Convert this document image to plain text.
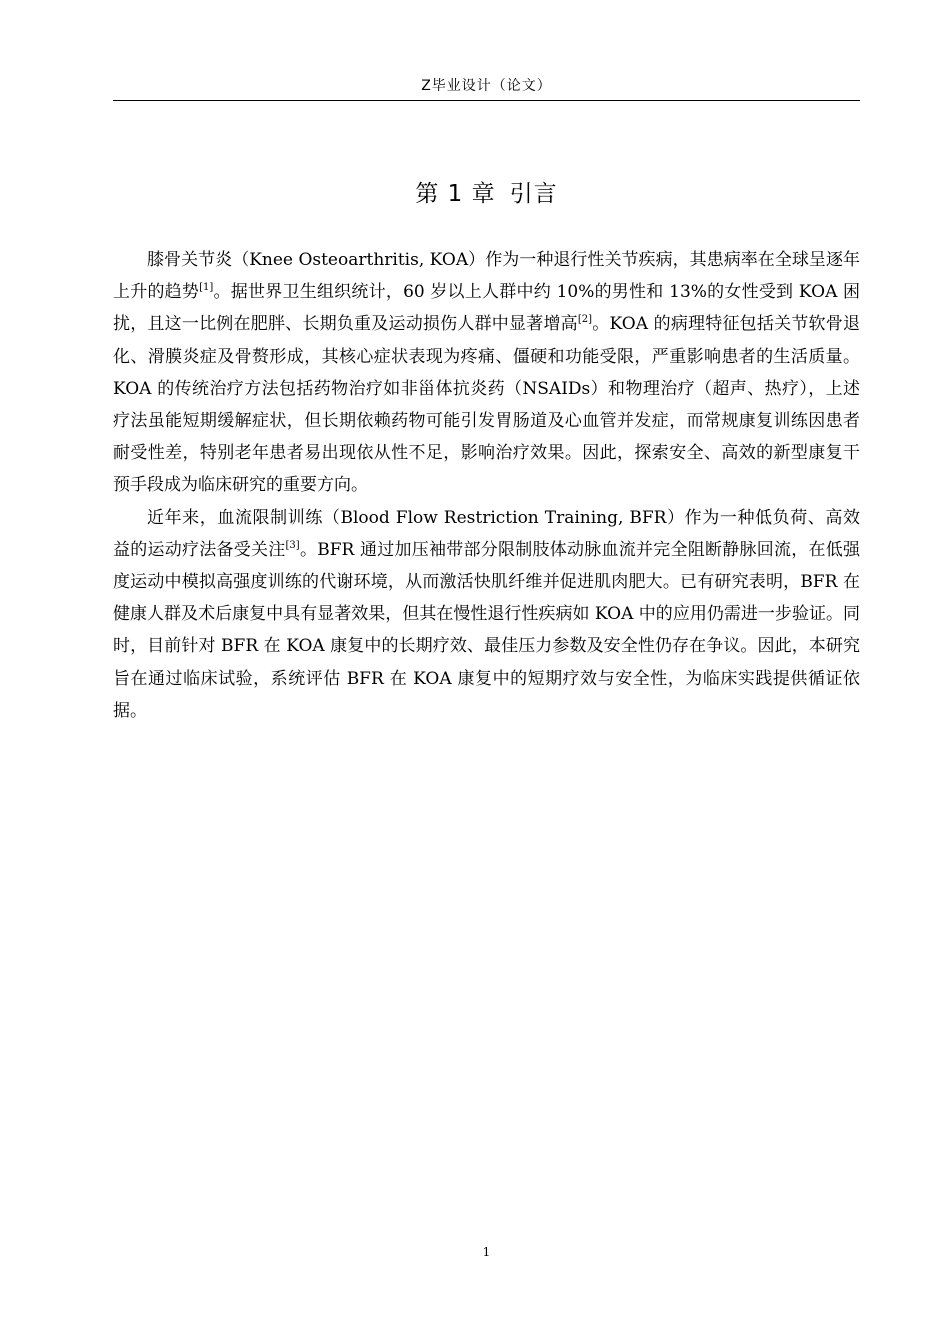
Z毕业设计（论文）
第 1 章 引言

膝骨关节炎（Knee Osteoarthritis, KOA）作为一种退行性关节疾病，其患病率在全球呈逐年上升的趋势[1]。据世界卫生组织统计，60 岁以上人群中约 10%的男性和 13%的女性受到 KOA 困扰，且这一比例在肥胖、长期负重及运动损伤人群中显著增高[2]。KOA 的病理特征包括关节软骨退化、滑膜炎症及骨赘形成，其核心症状表现为疼痛、僵硬和功能受限，严重影响患者的生活质量。KOA 的传统治疗方法包括药物治疗如非甾体抗炎药（NSAIDs）和物理治疗（超声、热疗），上述疗法虽能短期缓解症状，但长期依赖药物可能引发胃肠道及心血管并发症，而常规康复训练因患者耐受性差，特别老年患者易出现依从性不足，影响治疗效果。因此，探索安全、高效的新型康复干预手段成为临床研究的重要方向。

近年来，血流限制训练（Blood Flow Restriction Training, BFR）作为一种低负荷、高效益的运动疗法备受关注[3]。BFR 通过加压袖带部分限制肢体动脉血流并完全阻断静脉回流，在低强度运动中模拟高强度训练的代谢环境，从而激活快肌纤维并促进肌肉肥大。已有研究表明，BFR 在健康人群及术后康复中具有显著效果，但其在慢性退行性疾病如 KOA 中的应用仍需进一步验证。同时，目前针对 BFR 在 KOA 康复中的长期疗效、最佳压力参数及安全性仍存在争议。因此，本研究旨在通过临床试验，系统评估 BFR 在 KOA 康复中的短期疗效与安全性，为临床实践提供循证依据。

1
